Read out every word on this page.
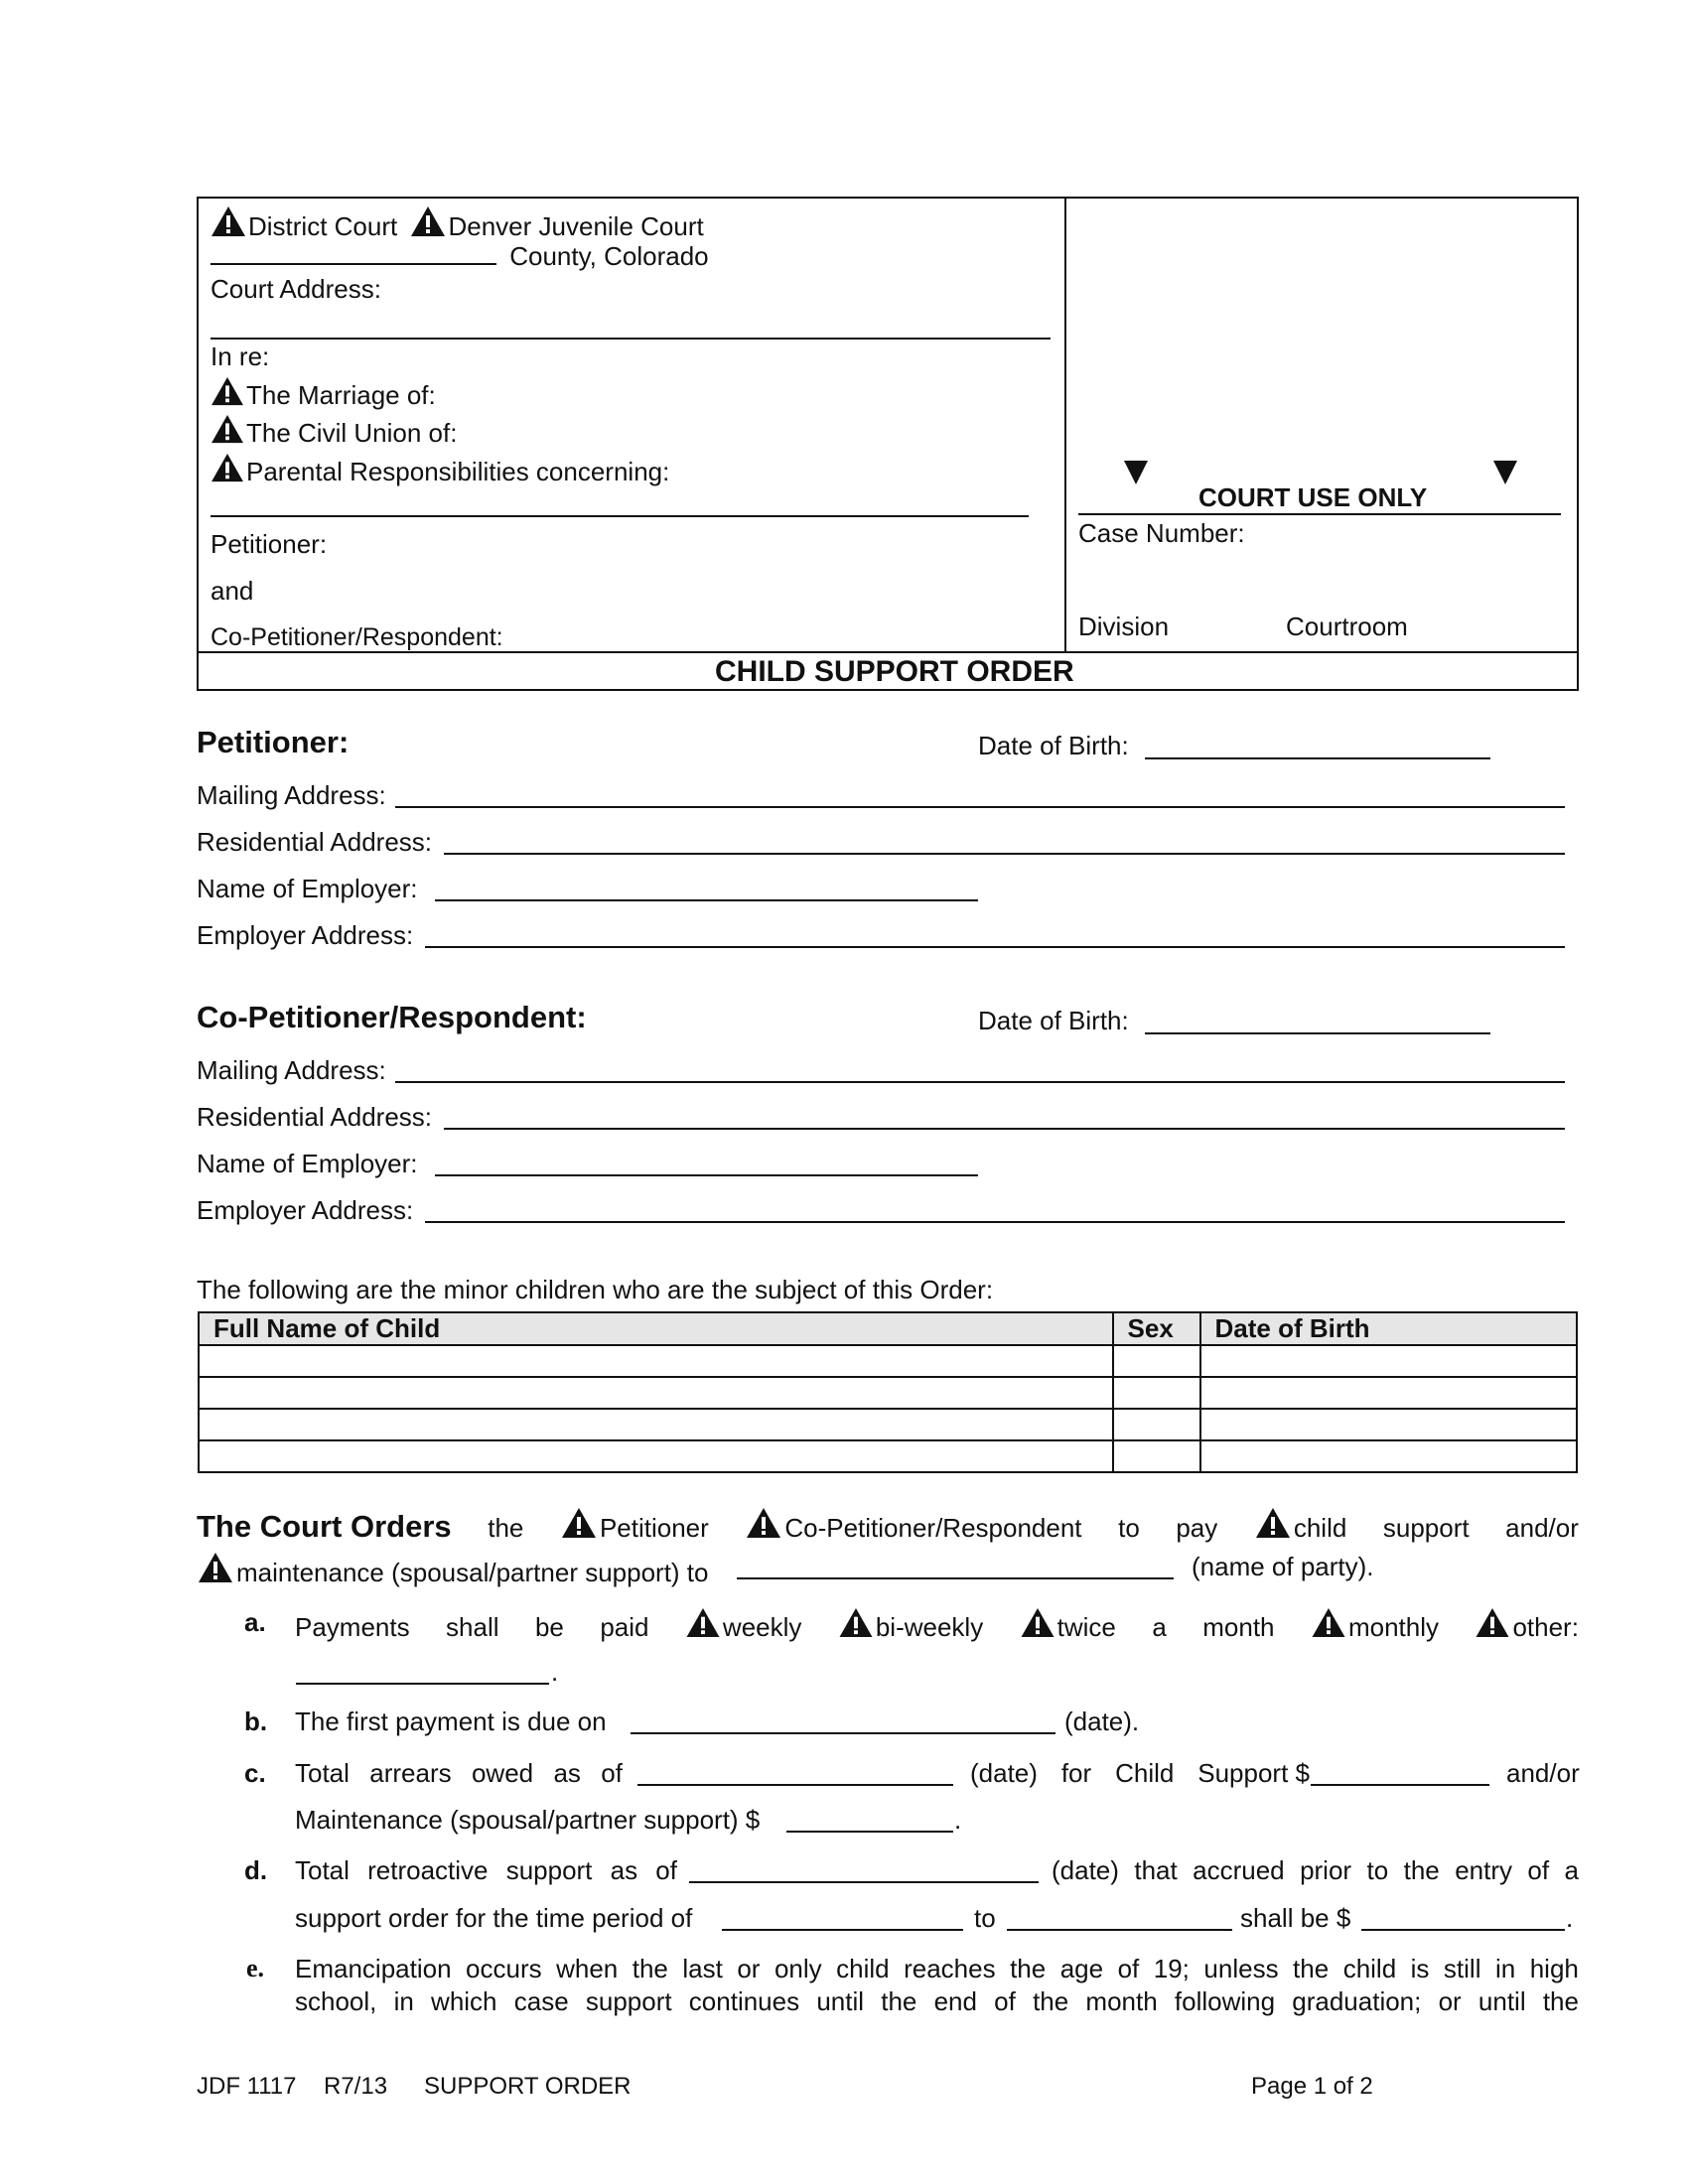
District Court Denver Juvenile Court
County, Colorado
Court Address:
In re:
The Marriage of:
The Civil Union of:
Parental Responsibilities concerning:
Petitioner:
and
Co-Petitioner/Respondent:
COURT USE ONLY
Case Number:
Division	Courtroom
CHILD SUPPORT ORDER
Petitioner:	Date of Birth:
Mailing Address:
Residential Address:
Name of Employer:
Employer Address:
Co-Petitioner/Respondent:	Date of Birth:
Mailing Address:
Residential Address:
Name of Employer:
Employer Address:
The following are the minor children who are the subject of this Order:
Full Name of Child	Sex	Date of Birth

The Court Orders the	Petitioner	Co-Petitioner/Respondent to pay	child support and/or
maintenance (spousal/partner support) to	(name of party).
a. Payments shall be paid	weekly	bi-weekly	twice a month	monthly	other:
.
b. The first payment is due on	(date).
c. Total arrears owed as of	(date) for Child Support $	and/or
Maintenance (spousal/partner support) $	.
d. Total retroactive support as of	(date) that accrued prior to the entry of a
support order for the time period of	to	shall be $	.
e. Emancipation occurs when the last or only child reaches the age of 19; unless the child is still in high
school, in which case support continues until the end of the month following graduation; or until the
JDF 1117 R7/13 SUPPORT ORDER	Page 1 of 2
